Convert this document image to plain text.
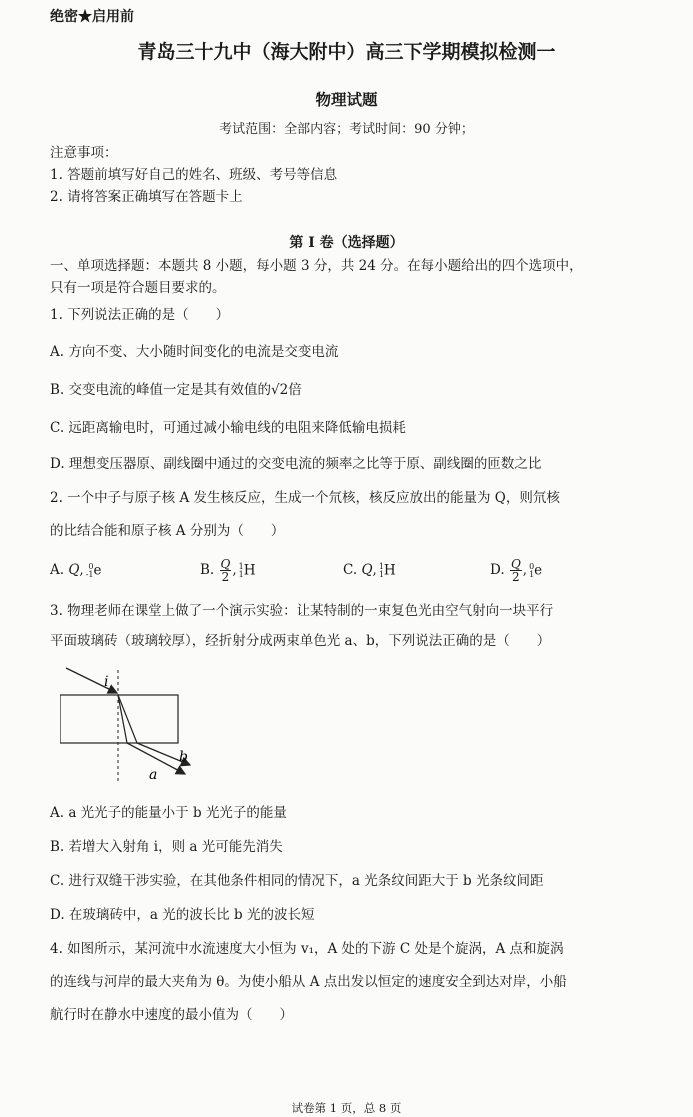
绝密★启用前
青岛三十九中（海大附中）高三下学期模拟检测一
物理试题
考试范围：全部内容；考试时间：90 分钟；
注意事项：
1. 答题前填写好自己的姓名、班级、考号等信息
2. 请将答案正确填写在答题卡上
第 I 卷（选择题）
一、单项选择题：本题共 8 小题，每小题 3 分，共 24 分。在每小题给出的四个选项中，
只有一项是符合题目要求的。
1. 下列说法正确的是（　　）
A. 方向不变、大小随时间变化的电流是交变电流
B. 交变电流的峰值一定是其有效值的√2倍
C. 远距离输电时，可通过减小输电线的电阻来降低输电损耗
D. 理想变压器原、副线圈中通过的交变电流的频率之比等于原、副线圈的匝数之比
2. 一个中子与原子核 A 发生核反应，生成一个氘核，核反应放出的能量为 Q，则氘核
的比结合能和原子核 A 分别为（　　）
A. Q, 0
-1 e	B. $\frac{Q}{2}$ , 1
1 H	C. Q, 1
1 H	D. $\frac{Q}{2}$ , 0
1 e
3. 物理老师在课堂上做了一个演示实验：让某特制的一束复色光由空气射向一块平行
平面玻璃砖（玻璃较厚），经折射分成两束单色光 a、b，下列说法正确的是（　　）
i
a
b
A. a 光光子的能量小于 b 光光子的能量
B. 若增大入射角 i，则 a 光可能先消失
C. 进行双缝干涉实验，在其他条件相同的情况下，a 光条纹间距大于 b 光条纹间距
D. 在玻璃砖中，a 光的波长比 b 光的波长短
4. 如图所示，某河流中水流速度大小恒为 v₁，A 处的下游 C 处是个旋涡，A 点和旋涡
的连线与河岸的最大夹角为 θ。为使小船从 A 点出发以恒定的速度安全到达对岸，小船
航行时在静水中速度的最小值为（　　）
试卷第 1 页，总 8 页
